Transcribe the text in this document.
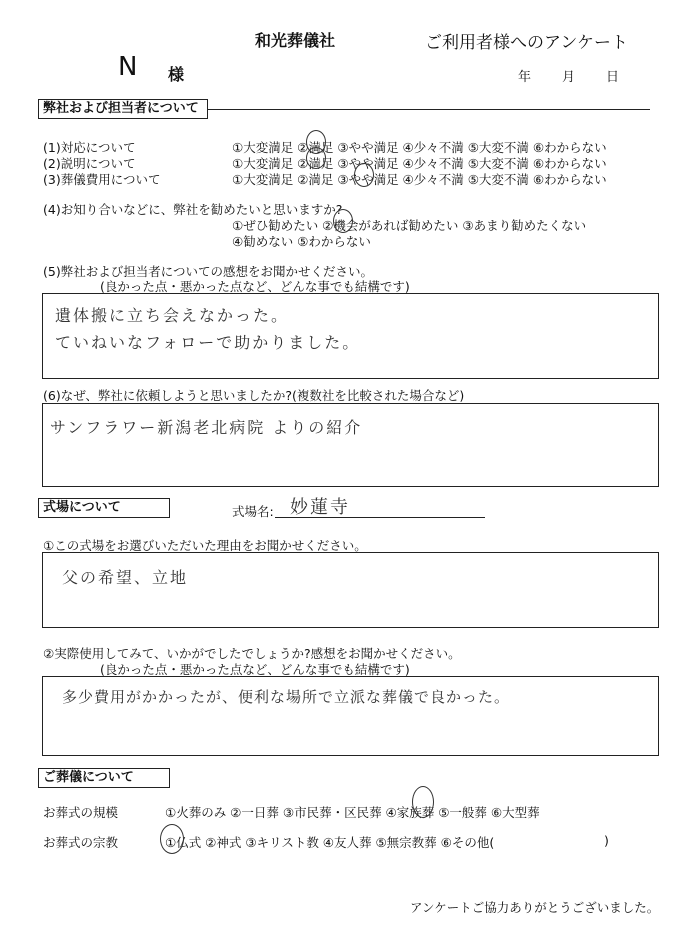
和光葬儀社	ご利用者様へのアンケート
N 様	年 月 日
弊社および担当者について
(1)対応について	①大変満足 ②満足 ③やや満足 ④少々不満 ⑤大変不満 ⑥わからない
(2)説明について	①大変満足 ②満足 ③やや満足 ④少々不満 ⑤大変不満 ⑥わからない
(3)葬儀費用について	①大変満足 ②満足 ③やや満足 ④少々不満 ⑤大変不満 ⑥わからない
(4)お知り合いなどに、弊社を勧めたいと思いますか?
①ぜひ勧めたい ②機会があれば勧めたい ③あまり勧めたくない
④勧めない ⑤わからない
(5)弊社および担当者についての感想をお聞かせください。
(良かった点・悪かった点など、どんな事でも結構です)
遺体搬に立ち会えなかった。
ていねいなフォローで助かりました。
(6)なぜ、弊社に依頼しようと思いましたか?(複数社を比較された場合など)
サンフラワー新潟老北病院 よりの紹介
式場について	式場名: 妙蓮寺
①この式場をお選びいただいた理由をお聞かせください。
父の希望、立地
②実際使用してみて、いかがでしたでしょうか?感想をお聞かせください。
(良かった点・悪かった点など、どんな事でも結構です)
多少費用がかかったが、便利な場所で立派な葬儀で良かった。
ご葬儀について
お葬式の規模	①火葬のみ ②一日葬 ③市民葬・区民葬 ④家族葬 ⑤一般葬 ⑥大型葬
お葬式の宗教	①仏式 ②神式 ③キリスト教 ④友人葬 ⑤無宗教葬 ⑥その他(	)
アンケートご協力ありがとうございました。
